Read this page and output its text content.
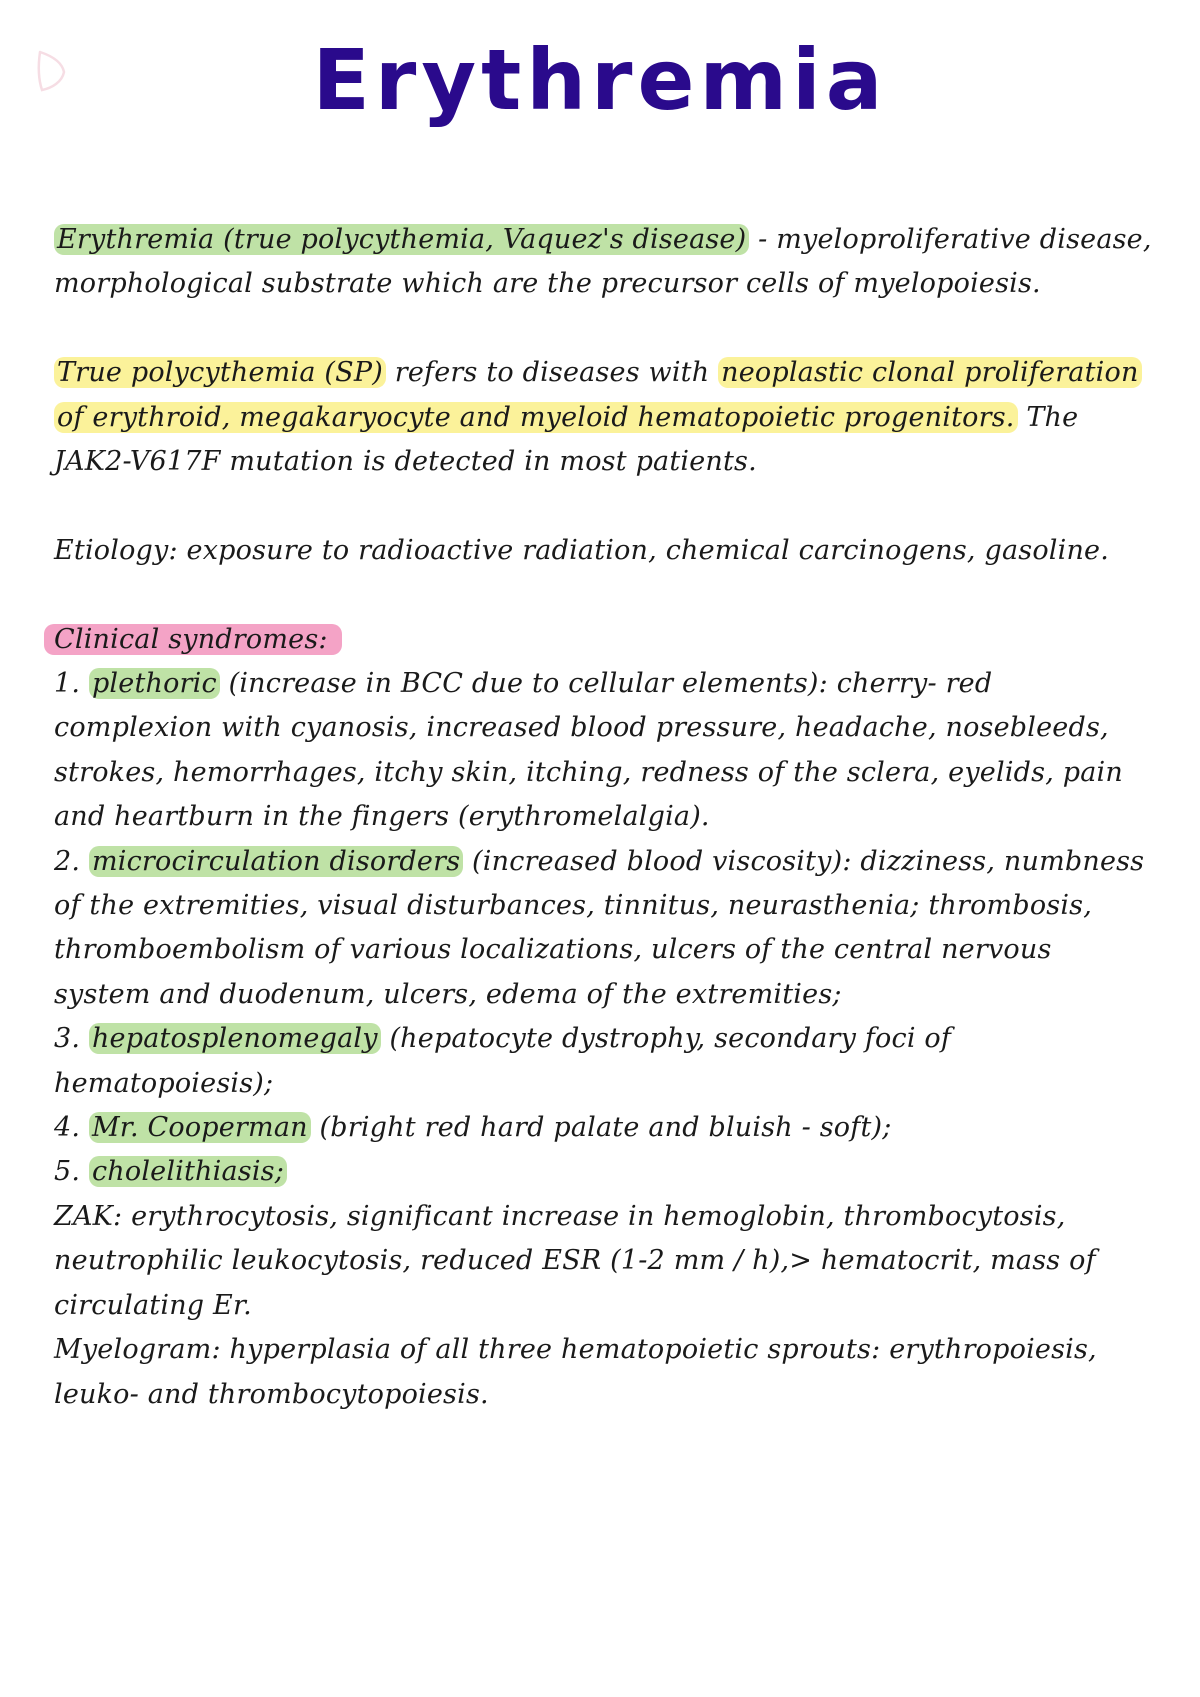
Erythremia

Erythremia (true polycythemia, Vaquez's disease) - myeloproliferative disease, morphological substrate which are the precursor cells of myelopoiesis.

True polycythemia (SP) refers to diseases with neoplastic clonal proliferation of erythroid, megakaryocyte and myeloid hematopoietic progenitors. The JAK2-V617F mutation is detected in most patients.

Etiology: exposure to radioactive radiation, chemical carcinogens, gasoline.

Clinical syndromes:

1. plethoric (increase in BCC due to cellular elements): cherry- red complexion with cyanosis, increased blood pressure, headache, nosebleeds, strokes, hemorrhages, itchy skin, itching, redness of the sclera, eyelids, pain and heartburn in the fingers (erythromelalgia).

2. microcirculation disorders (increased blood viscosity): dizziness, numbness of the extremities, visual disturbances, tinnitus, neurasthenia; thrombosis, thromboembolism of various localizations, ulcers of the central nervous system and duodenum, ulcers, edema of the extremities;

3. hepatosplenomegaly (hepatocyte dystrophy, secondary foci of hematopoiesis);

4. Mr. Cooperman (bright red hard palate and bluish - soft);

5. cholelithiasis;

ZAK: erythrocytosis, significant increase in hemoglobin, thrombocytosis, neutrophilic leukocytosis, reduced ESR (1-2 mm / h),> hematocrit, mass of circulating Er.

Myelogram: hyperplasia of all three hematopoietic sprouts: erythropoiesis, leuko- and thrombocytopoiesis.
